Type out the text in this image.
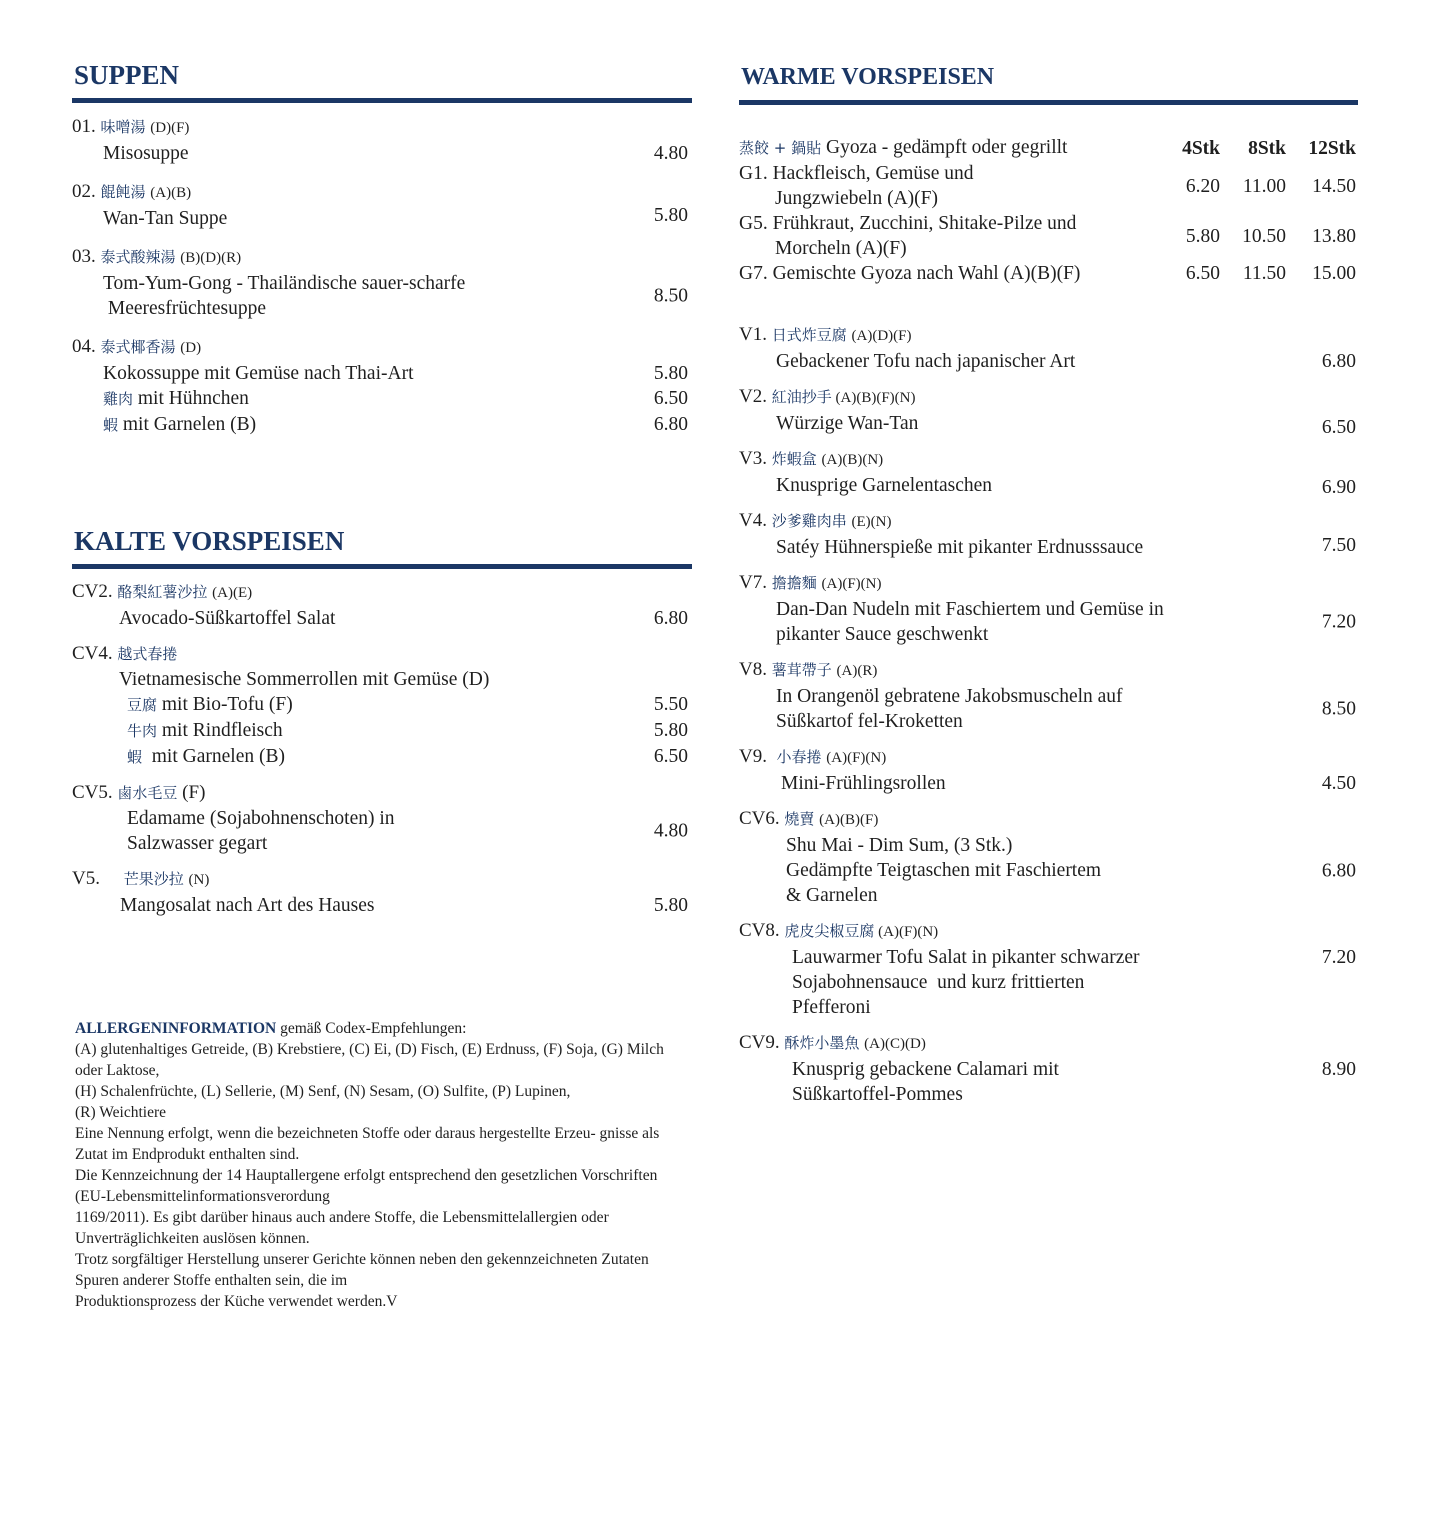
SUPPEN
01. 味噌湯 (D)(F)
Misosuppe	4.80
02. 餛飩湯 (A)(B)
Wan-Tan Suppe	5.80
03. 泰式酸辣湯 (B)(D)(R)
Tom-Yum-Gong - Thailändische sauer-scharfe
Meeresfrüchtesuppe
8.50
04. 泰式椰香湯 (D)
Kokossuppe mit Gemüse nach Thai-Art	5.80
雞肉 mit Hühnchen	6.50
蝦 mit Garnelen (B)	6.80
KALTE VORSPEISEN
CV2. 酪梨紅薯沙拉 (A)(E)
Avocado-Süßkartoffel Salat	6.80
CV4. 越式春捲
Vietnamesische Sommerrollen mit Gemüse (D)
豆腐 mit Bio-Tofu (F)	5.50
牛肉 mit Rindfleisch	5.80
蝦  mit Garnelen (B)	6.50
CV5. 鹵水毛豆 (F)
Edamame (Sojabohnenschoten) in
Salzwasser gegart
4.80
V5. 芒果沙拉 (N)
Mangosalat nach Art des Hauses	5.80
ALLERGENINFORMATION gemäß Codex-Empfehlungen:
(A) glutenhaltiges Getreide, (B) Krebstiere, (C) Ei, (D) Fisch, (E) Erdnuss, (F) Soja, (G) Milch oder Laktose,
(H) Schalenfrüchte, (L) Sellerie, (M) Senf, (N) Sesam, (O) Sulfite, (P) Lupinen, (R) Weichtiere
Eine Nennung erfolgt, wenn die bezeichneten Stoffe oder daraus hergestellte Erzeu- gnisse als Zutat im Endprodukt enthalten sind.
Die Kennzeichnung der 14 Hauptallergene erfolgt entsprechend den gesetzlichen Vorschriften (EU-Lebensmittelinformationsverordung
1169/2011). Es gibt darüber hinaus auch andere Stoffe, die Lebensmittelallergien oder Unverträglichkeiten auslösen können.
Trotz sorgfältiger Herstellung unserer Gerichte können neben den gekennzeichneten Zutaten Spuren anderer Stoffe enthalten sein, die im
Produktionsprozess der Küche verwendet werden.V
WARME VORSPEISEN
蒸餃 + 鍋貼 Gyoza - gedämpft oder gegrillt	4Stk	8Stk	12Stk

G1. Hackfleisch, Gemüse und
Jungzwiebeln (A)(F)	6.20	11.00	14.50

G5. Frühkraut, Zucchini, Shitake-Pilze und
Morcheln (A)(F)	5.80	10.50	13.80
G7. Gemischte Gyoza nach Wahl (A)(B)(F)	6.50	11.50	15.00
V1. 日式炸豆腐 (A)(D)(F)
Gebackener Tofu nach japanischer Art	6.80
V2. 紅油抄手 (A)(B)(F)(N)
Würzige Wan-Tan	6.50
V3. 炸蝦盒 (A)(B)(N)
Knusprige Garnelentaschen	6.90
V4. 沙爹雞肉串 (E)(N)
Satéy Hühnerspieße mit pikanter Erdnusssauce	7.50
V7. 擔擔麵 (A)(F)(N)
Dan-Dan Nudeln mit Faschiertem und Gemüse in
pikanter Sauce geschwenkt
7.20
V8. 薯茸帶子 (A)(R)
In Orangenöl gebratene Jakobsmuscheln auf
Süßkartof fel-Kroketten
8.50
V9.  小春捲 (A)(F)(N)
Mini-Frühlingsrollen	4.50
CV6. 燒賣 (A)(B)(F)
Shu Mai - Dim Sum, (3 Stk.)
Gedämpfte Teigtaschen mit Faschiertem
& Garnelen
6.80
CV8. 虎皮尖椒豆腐 (A)(F)(N)
Lauwarmer Tofu Salat in pikanter schwarzer
Sojabohnensauce  und kurz frittierten
Pfefferoni
7.20
CV9. 酥炸小墨魚 (A)(C)(D)
Knusprig gebackene Calamari mit
Süßkartoffel-Pommes
8.90
